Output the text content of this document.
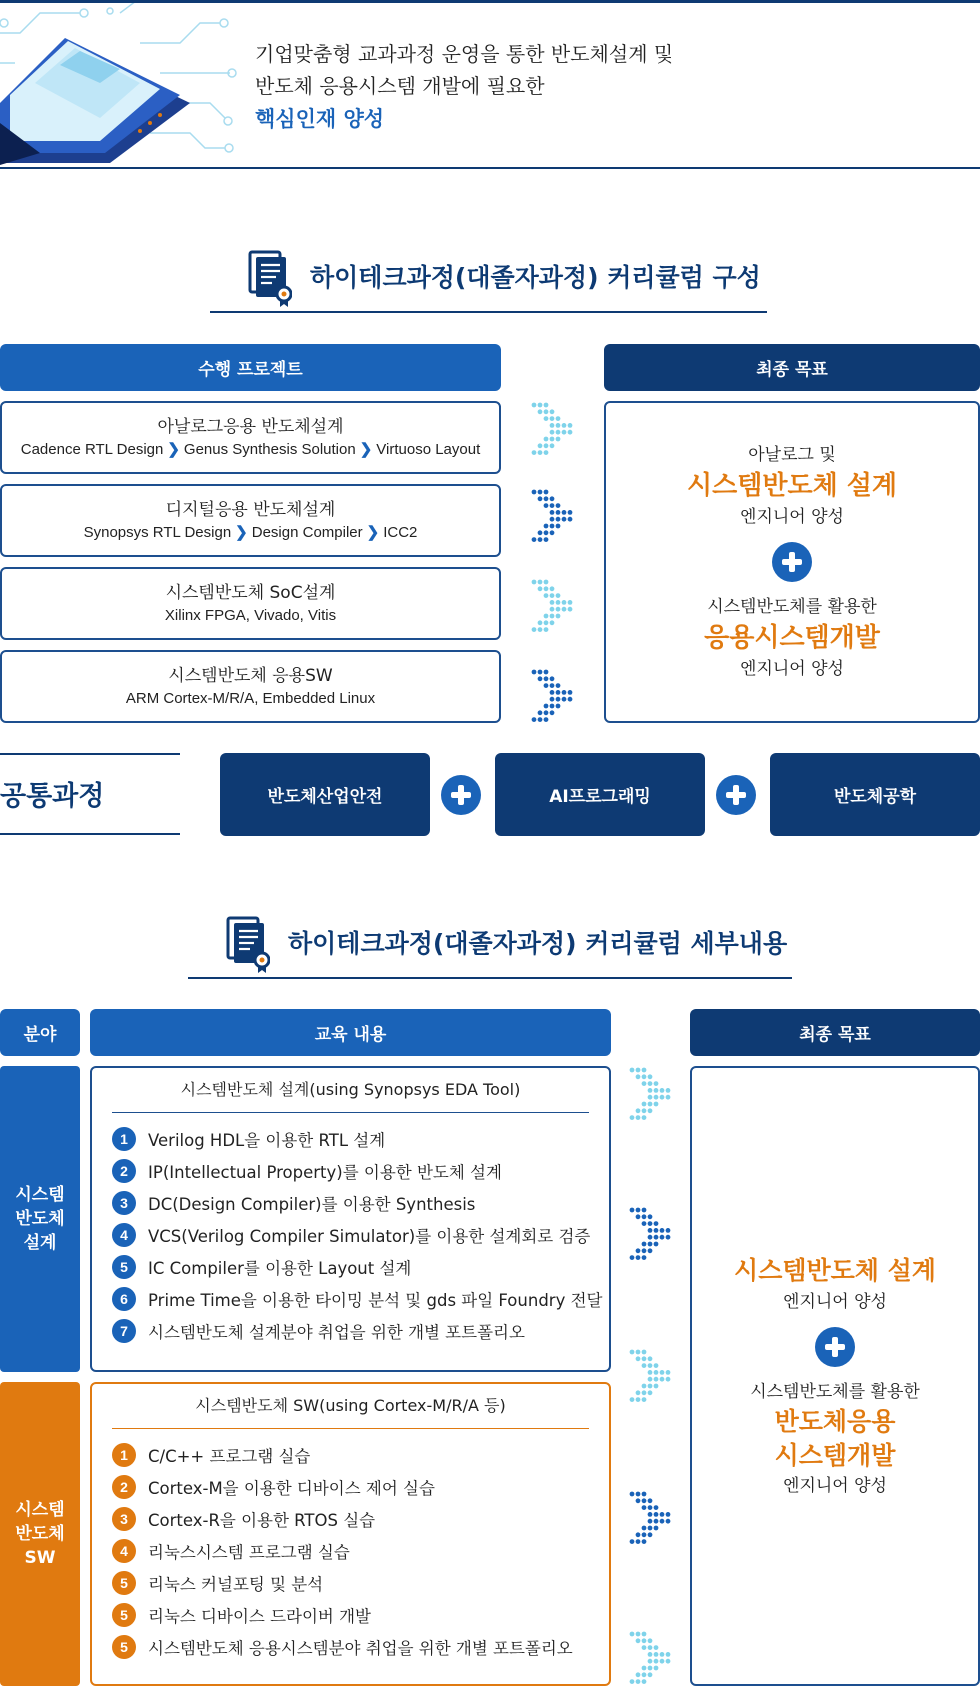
기업맞춤형 교과과정 운영을 통한 반도체설계 및
반도체 응용시스템 개발에 필요한
핵심인재 양성
하이테크과정(대졸자과정) 커리큘럼 구성
수행 프로젝트	최종 목표
아날로그응용 반도체설계
Cadence RTL Design ❯ Genus Synthesis Solution ❯ Virtuoso Layout
디지털응용 반도체설계
Synopsys RTL Design ❯ Design Compiler ❯ ICC2
시스템반도체 SoC설계
Xilinx FPGA, Vivado, Vitis
시스템반도체 응용SW
ARM Cortex-M/R/A, Embedded Linux
아날로그 및
시스템반도체 설계
엔지니어 양성
시스템반도체를 활용한
응용시스템개발
엔지니어 양성
공통과정	반도체산업안전	AI프로그래밍	반도체공학
하이테크과정(대졸자과정) 커리큘럼 세부내용
분야	교육 내용	최종 목표
시스템
반도체
설계
시스템반도체 설계(using Synopsys EDA Tool)
1	Verilog HDL을 이용한 RTL 설계
2	IP(Intellectual Property)를 이용한 반도체 설계
3	DC(Design Compiler)를 이용한 Synthesis
4	VCS(Verilog Compiler Simulator)를 이용한 설계회로 검증
5	IC Compiler를 이용한 Layout 설계
6	Prime Time을 이용한 타이밍 분석 및 gds 파일 Foundry 전달
7	시스템반도체 설계분야 취업을 위한 개별 포트폴리오
시스템
반도체
SW
시스템반도체 SW(using Cortex-M/R/A 등)
1	C/C++ 프로그램 실습
2	Cortex-M을 이용한 디바이스 제어 실습
3	Cortex-R을 이용한 RTOS 실습
4	리눅스시스템 프로그램 실습
5	리눅스 커널포팅 및 분석
5	리눅스 디바이스 드라이버 개발
5	시스템반도체 응용시스템분야 취업을 위한 개별 포트폴리오
시스템반도체 설계
엔지니어 양성
시스템반도체를 활용한
반도체응용
시스템개발
엔지니어 양성
